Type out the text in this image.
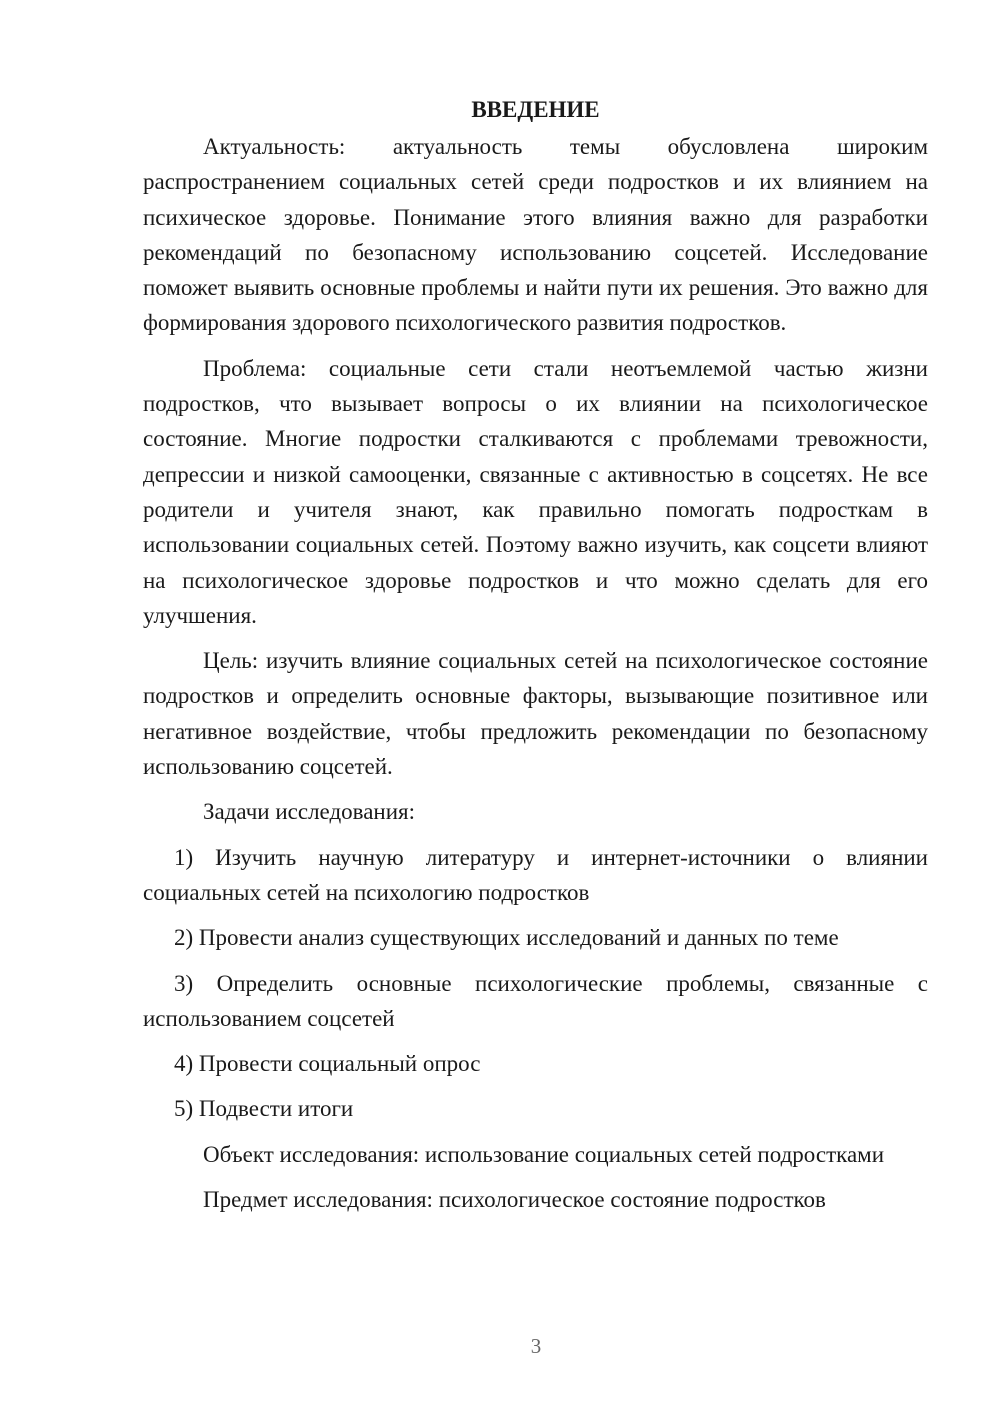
ВВЕДЕНИЕ

Актуальность: актуальность темы обусловлена широким распространением социальных сетей среди подростков и их влиянием на психическое здоровье. Понимание этого влияния важно для разработки рекомендаций по безопасному использованию соцсетей. Исследование поможет выявить основные проблемы и найти пути их решения. Это важно для формирования здорового психологического развития подростков.

Проблема: социальные сети стали неотъемлемой частью жизни подростков, что вызывает вопросы о их влиянии на психологическое состояние. Многие подростки сталкиваются с проблемами тревожности, депрессии и низкой самооценки, связанные с активностью в соцсетях. Не все родители и учителя знают, как правильно помогать подросткам в использовании социальных сетей. Поэтому важно изучить, как соцсети влияют на психологическое здоровье подростков и что можно сделать для его улучшения.

Цель: изучить влияние социальных сетей на психологическое состояние подростков и определить основные факторы, вызывающие позитивное или негативное воздействие, чтобы предложить рекомендации по безопасному использованию соцсетей.

Задачи исследования:

1) Изучить научную литературу и интернет-источники о влиянии социальных сетей на психологию подростков

2) Провести анализ существующих исследований и данных по теме

3) Определить основные психологические проблемы, связанные с использованием соцсетей

4) Провести социальный опрос

5) Подвести итоги

Объект исследования: использование социальных сетей подростками

Предмет исследования: психологическое состояние подростков

3
